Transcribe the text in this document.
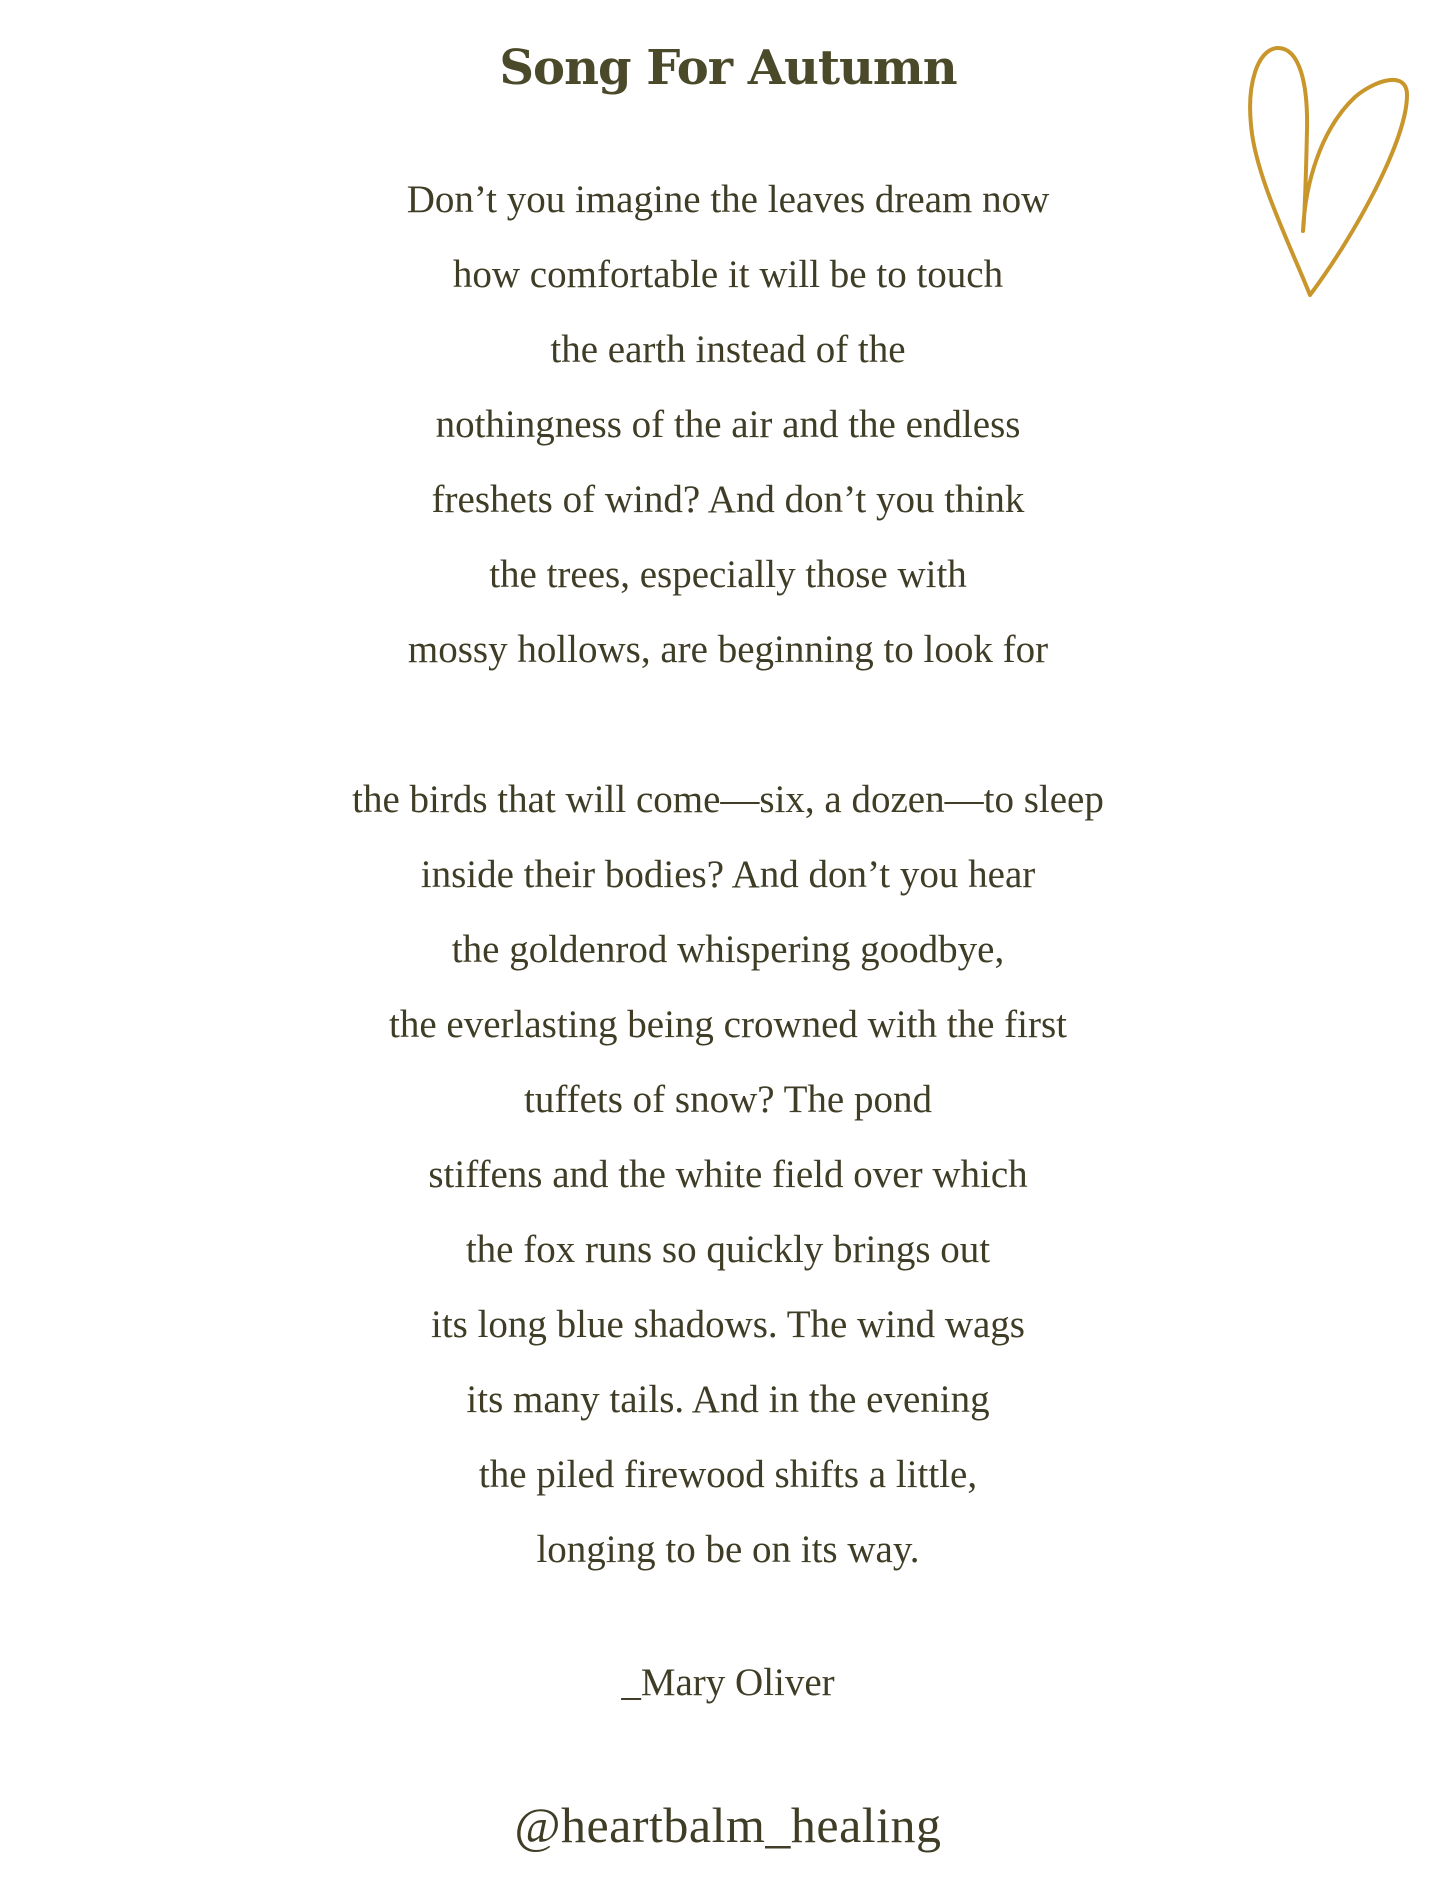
Song For Autumn
Don’t you imagine the leaves dream now
how comfortable it will be to touch
the earth instead of the
nothingness of the air and the endless
freshets of wind? And don’t you think
the trees, especially those with
mossy hollows, are beginning to look for
the birds that will come—six, a dozen—to sleep
inside their bodies? And don’t you hear
the goldenrod whispering goodbye,
the everlasting being crowned with the first
tuffets of snow? The pond
stiffens and the white field over which
the fox runs so quickly brings out
its long blue shadows. The wind wags
its many tails. And in the evening
the piled firewood shifts a little,
longing to be on its way.
_Mary Oliver
@heartbalm_healing
